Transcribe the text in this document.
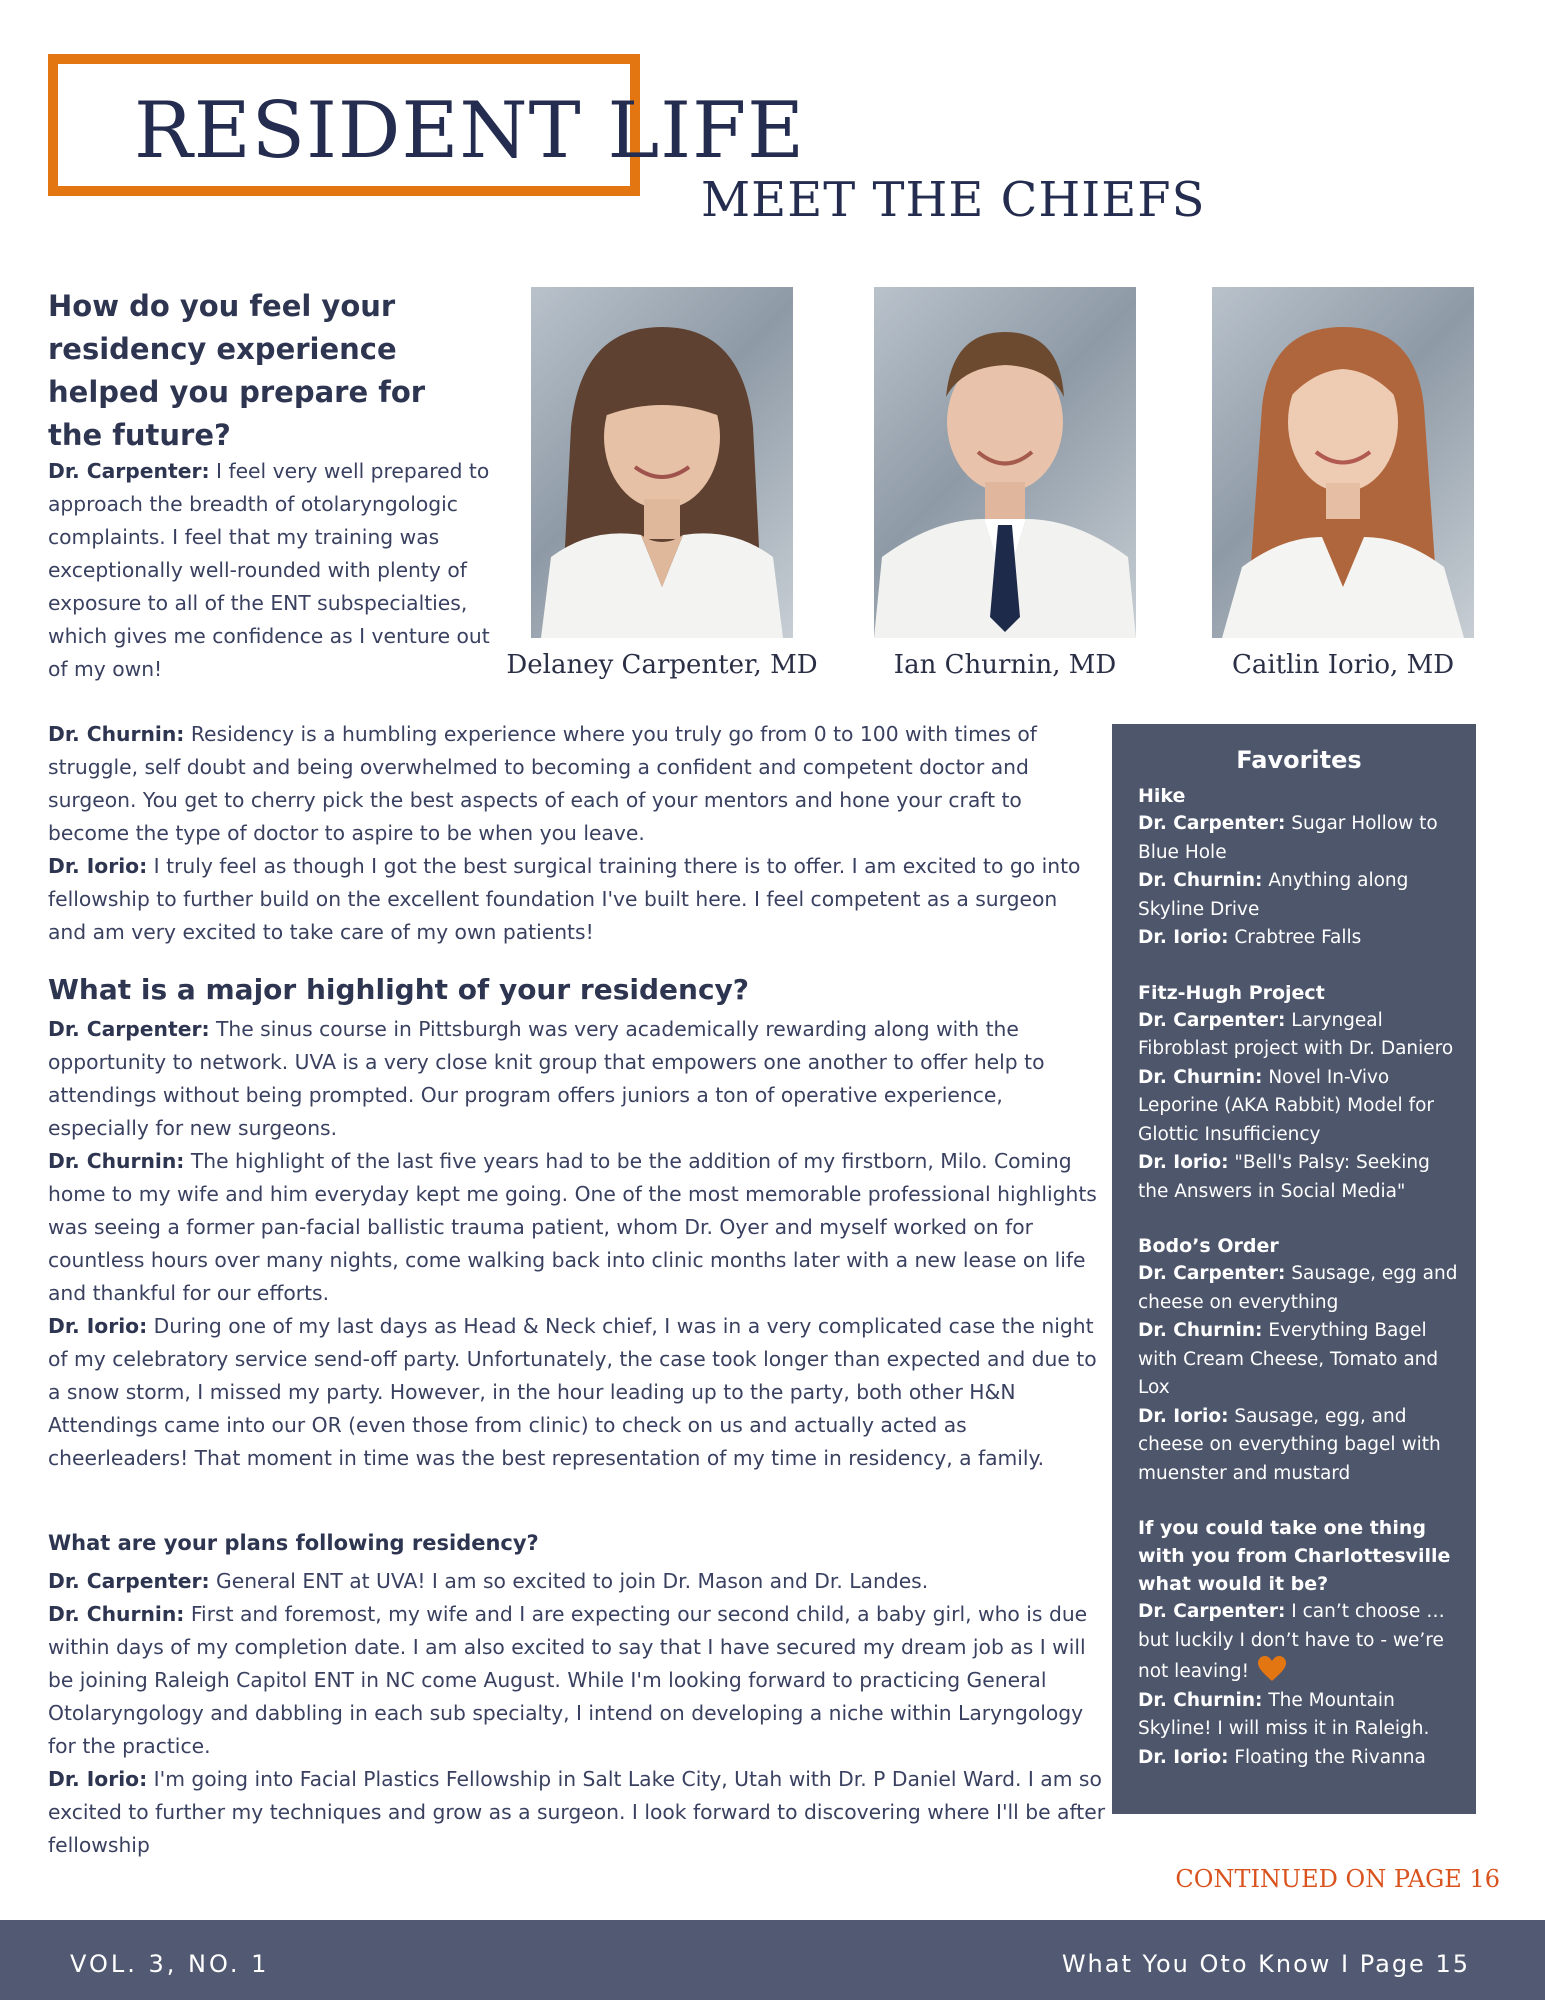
RESIDENT LIFE
MEET THE CHIEFS
Delaney Carpenter, MD	Ian Churnin, MD	Caitlin Iorio, MD
How do you feel your residency experience helped you prepare for the future?
Dr. Carpenter: I feel very well prepared to approach the breadth of otolaryngologic complaints. I feel that my training was exceptionally well-rounded with plenty of exposure to all of the ENT subspecialties, which gives me confidence as I venture out of my own!
Dr. Churnin: Residency is a humbling experience where you truly go from 0 to 100 with times of struggle, self doubt and being overwhelmed to becoming a confident and competent doctor and surgeon. You get to cherry pick the best aspects of each of your mentors and hone your craft to become the type of doctor to aspire to be when you leave.
Dr. Iorio: I truly feel as though I got the best surgical training there is to offer. I am excited to go into fellowship to further build on the excellent foundation I've built here. I feel competent as a surgeon and am very excited to take care of my own patients!
What is a major highlight of your residency?
Dr. Carpenter: The sinus course in Pittsburgh was very academically rewarding along with the opportunity to network. UVA is a very close knit group that empowers one another to offer help to attendings without being prompted. Our program offers juniors a ton of operative experience, especially for new surgeons.
Dr. Churnin: The highlight of the last five years had to be the addition of my firstborn, Milo. Coming home to my wife and him everyday kept me going. One of the most memorable professional highlights was seeing a former pan-facial ballistic trauma patient, whom Dr. Oyer and myself worked on for countless hours over many nights, come walking back into clinic months later with a new lease on life and thankful for our efforts.
Dr. Iorio: During one of my last days as Head & Neck chief, I was in a very complicated case the night of my celebratory service send-off party. Unfortunately, the case took longer than expected and due to a snow storm, I missed my party. However, in the hour leading up to the party, both other H&N Attendings came into our OR (even those from clinic) to check on us and actually acted as cheerleaders! That moment in time was the best representation of my time in residency, a family.
What are your plans following residency?
Dr. Carpenter: General ENT at UVA! I am so excited to join Dr. Mason and Dr. Landes.
Dr. Churnin: First and foremost, my wife and I are expecting our second child, a baby girl, who is due within days of my completion date. I am also excited to say that I have secured my dream job as I will be joining Raleigh Capitol ENT in NC come August. While I'm looking forward to practicing General Otolaryngology and dabbling in each sub specialty, I intend on developing a niche within Laryngology for the practice.
Dr. Iorio: I'm going into Facial Plastics Fellowship in Salt Lake City, Utah with Dr. P Daniel Ward. I am so excited to further my techniques and grow as a surgeon. I look forward to discovering where I'll be after fellowship
Favorites
Hike
Dr. Carpenter: Sugar Hollow to Blue Hole
Dr. Churnin: Anything along Skyline Drive
Dr. Iorio: Crabtree Falls
Fitz-Hugh Project
Dr. Carpenter: Laryngeal Fibroblast project with Dr. Daniero
Dr. Churnin: Novel In-Vivo Leporine (AKA Rabbit) Model for Glottic Insufficiency
Dr. Iorio: "Bell's Palsy: Seeking the Answers in Social Media"
Bodo’s Order
Dr. Carpenter: Sausage, egg and cheese on everything
Dr. Churnin: Everything Bagel with Cream Cheese, Tomato and Lox
Dr. Iorio: Sausage, egg, and cheese on everything bagel with muenster and mustard
If you could take one thing with you from Charlottesville what would it be?
Dr. Carpenter: I can’t choose … but luckily I don’t have to - we’re not leaving!
Dr. Churnin: The Mountain Skyline! I will miss it in Raleigh.
Dr. Iorio: Floating the Rivanna
CONTINUED ON PAGE 16
VOL. 3, NO. 1	What You Oto Know I Page 15
